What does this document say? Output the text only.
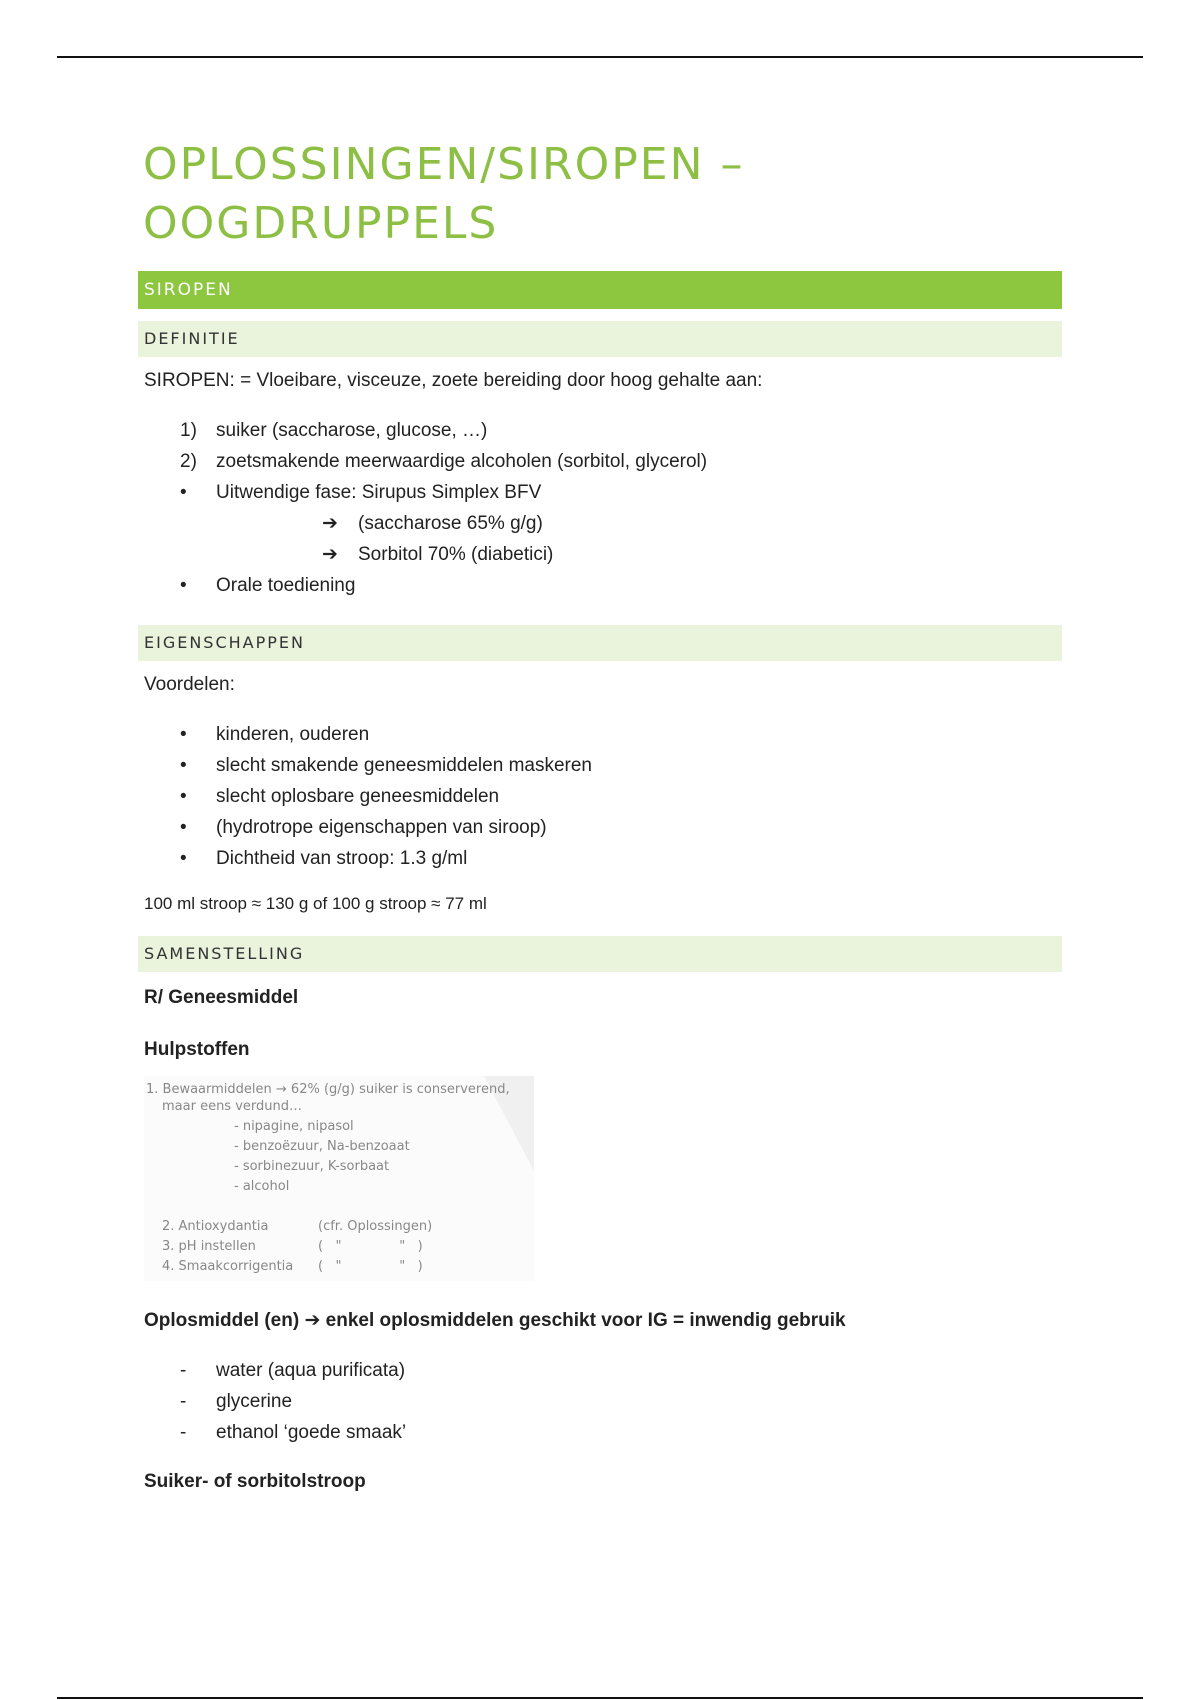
OPLOSSINGEN/SIROPEN –
OOGDRUPPELS
SIROPEN
DEFINITIE
SIROPEN: = Vloeibare, visceuze, zoete bereiding door hoog gehalte aan:
1) suiker (saccharose, glucose, …)
2) zoetsmakende meerwaardige alcoholen (sorbitol, glycerol)
• Uitwendige fase: Sirupus Simplex BFV
➔ (saccharose 65% g/g)
➔ Sorbitol 70% (diabetici)
• Orale toediening
EIGENSCHAPPEN
Voordelen:
• kinderen, ouderen
• slecht smakende geneesmiddelen maskeren
• slecht oplosbare geneesmiddelen
• (hydrotrope eigenschappen van siroop)
• Dichtheid van stroop: 1.3 g/ml
100 ml stroop ≈ 130 g of 100 g stroop ≈ 77 ml
SAMENSTELLING
R/ Geneesmiddel
Hulpstoffen
1. Bewaarmiddelen → 62% (g/g) suiker is conserverend,
maar eens verdund…
- nipagine, nipasol
- benzoëzuur, Na-benzoaat
- sorbinezuur, K-sorbaat
- alcohol
2. Antioxydantia	(cfr. Oplossingen)
3. pH instellen	(   "              "   )
4. Smaakcorrigentia (   "              "   )
Oplosmiddel (en) ➔ enkel oplosmiddelen geschikt voor IG = inwendig gebruik
- water (aqua purificata)
- glycerine
- ethanol ‘goede smaak’
Suiker- of sorbitolstroop
